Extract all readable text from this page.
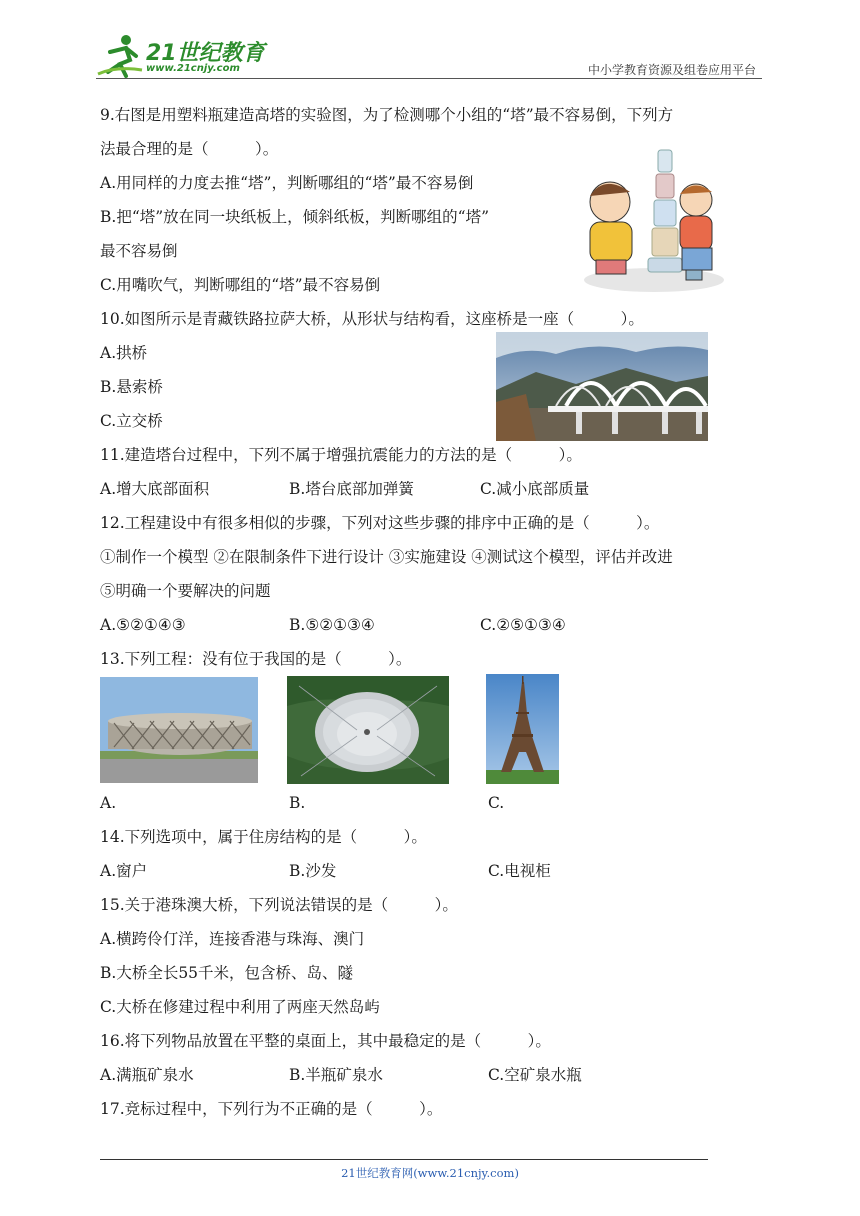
21世纪教育
www.21cnjy.com	中小学教育资源及组卷应用平台
9.右图是用塑料瓶建造高塔的实验图，为了检测哪个小组的“塔”最不容易倒，下列方
法最合理的是（　　　）。
A.用同样的力度去推“塔”，判断哪组的“塔”最不容易倒
B.把“塔”放在同一块纸板上，倾斜纸板，判断哪组的“塔”
最不容易倒
C.用嘴吹气，判断哪组的“塔”最不容易倒
10.如图所示是青藏铁路拉萨大桥，从形状与结构看，这座桥是一座（　　　）。
A.拱桥
B.悬索桥
C.立交桥
11.建造塔台过程中，下列不属于增强抗震能力的方法的是（　　　）。
A.增大底部面积	B.塔台底部加弹簧	C.减小底部质量
12.工程建设中有很多相似的步骤，下列对这些步骤的排序中正确的是（　　　）。
①制作一个模型 ②在限制条件下进行设计 ③实施建设 ④测试这个模型，评估并改进
⑤明确一个要解决的问题
A.⑤②①④③	B.⑤②①③④	C.②⑤①③④
13.下列工程：没有位于我国的是（　　　）。
A.	B.	C.
14.下列选项中，属于住房结构的是（　　　）。
A.窗户	B.沙发	C.电视柜
15.关于港珠澳大桥，下列说法错误的是（　　　）。
A.横跨伶仃洋，连接香港与珠海、澳门
B.大桥全长55千米，包含桥、岛、隧
C.大桥在修建过程中利用了两座天然岛屿
16.将下列物品放置在平整的桌面上，其中最稳定的是（　　　）。
A.满瓶矿泉水	B.半瓶矿泉水	C.空矿泉水瓶
17.竞标过程中，下列行为不正确的是（　　　）。
21世纪教育网(www.21cnjy.com)
